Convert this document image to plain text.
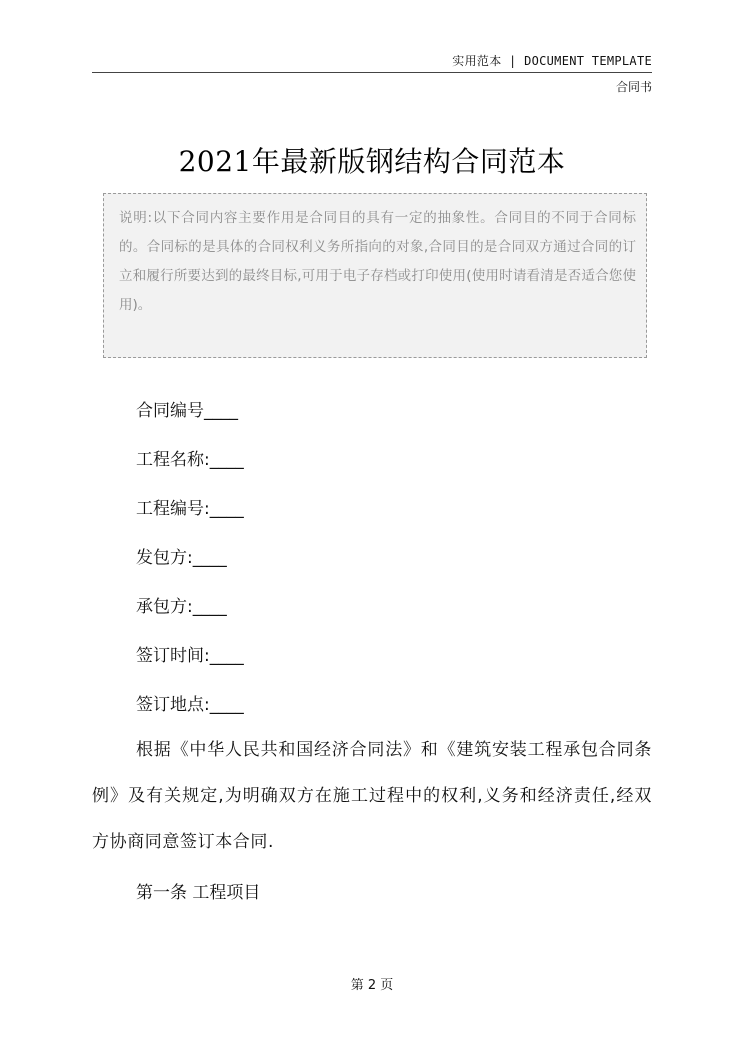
实用范本 | DOCUMENT TEMPLATE
合同书
2021年最新版钢结构合同范本
说明:以下合同内容主要作用是合同目的具有一定的抽象性。合同目的不同于合同标的。合同标的是具体的合同权利义务所指向的对象,合同目的是合同双方通过合同的订立和履行所要达到的最终目标,可用于电子存档或打印使用(使用时请看清是否适合您使用)。
合同编号____
工程名称:____
工程编号:____
发包方:____
承包方:____
签订时间:____
签订地点:____
根据《中华人民共和国经济合同法》和《建筑安装工程承包合同条例》及有关规定,为明确双方在施工过程中的权利,义务和经济责任,经双方协商同意签订本合同.
第一条 工程项目
第 2 页
